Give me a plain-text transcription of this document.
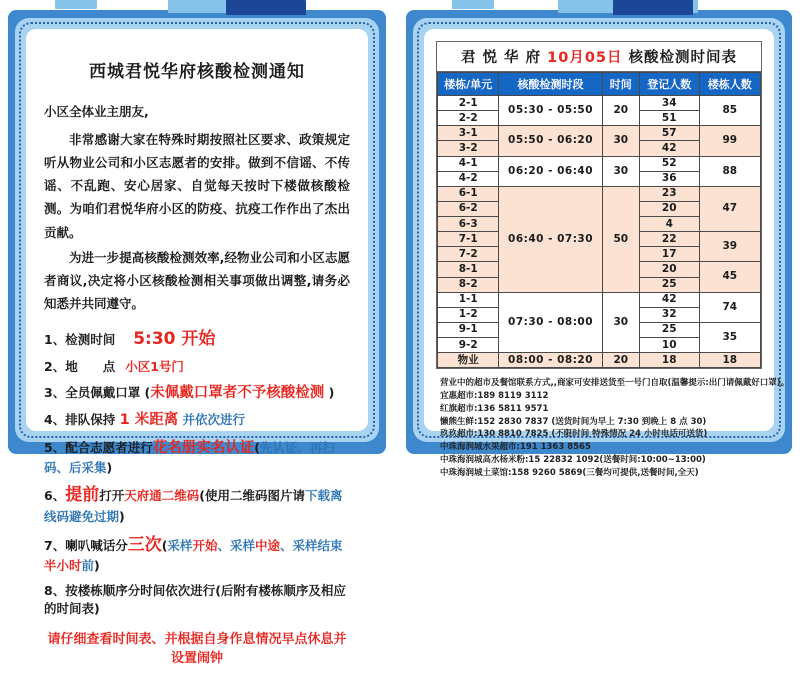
西城君悦华府核酸检测通知
小区全体业主朋友,

非常感谢大家在特殊时期按照社区要求、政策规定听从物业公司和小区志愿者的安排。做到不信谣、不传谣、不乱跑、安心居家、自觉每天按时下楼做核酸检测。为咱们君悦华府小区的防疫、抗疫工作作出了杰出贡献。

为进一步提高核酸检测效率,经物业公司和小区志愿者商议,决定将小区核酸检测相关事项做出调整,请务必知悉并共同遵守。

1、检测时间 5:30 开始
2、地　　点 小区1号门
3、全员佩戴口罩 (未佩戴口罩者不予核酸检测 )
4、排队保持 1 米距离 并依次进行
5、配合志愿者进行花名册实名认证(先认证、再扫码、后采集)
6、提前打开天府通二维码(使用二维码图片请下载离线码避免过期)
7、喇叭喊话分三次(采样开始、采样中途、采样结束半小时前)
8、按楼栋顺序分时间依次进行(后附有楼栋顺序及相应的时间表)
请仔细查看时间表、并根据自身作息情况早点休息并设置闹钟
君 悦 华 府 10月05日 核酸检测时间表
楼栋/单元	核酸检测时段	时间	登记人数	楼栋人数
2-1	05:30 - 05:50	20	34	85
2-2			51	
3-1	05:50 - 06:20	30	57	99
3-2			42	
4-1	06:20 - 06:40	30	52	88
4-2			36	
6-1	06:40 - 07:30	50	23	47
6-2			20	
6-3			4	
7-1			22	39
7-2			17	
8-1			20	45
8-2			25	
1-1	07:30 - 08:00	30	42	74
1-2			32	
9-1			25	35
9-2			10	
物业	08:00 - 08:20	20	18	18
营业中的超市及餐馆联系方式,,商家可安排送货至一号门自取(温馨提示:出门请佩戴好口罩)。
宜惠超市:189 8119 3112
红旗超市:136 5811 9571
懒熊生鲜:152 2830 7837 (送货时间为早上 7:30 到晚上 8 点 30)
玖玖超市:130 8810 7825 (不限时间 特殊情况 24 小时电话可送货)
中珠海润城水果超市:191 1363 8565
中珠海润城高水杨米粉:15 22832 1092(送餐时间:10:00~13:00)
中珠海润城土菜馆:158 9260 5869(三餐均可提供,送餐时间,全天)
